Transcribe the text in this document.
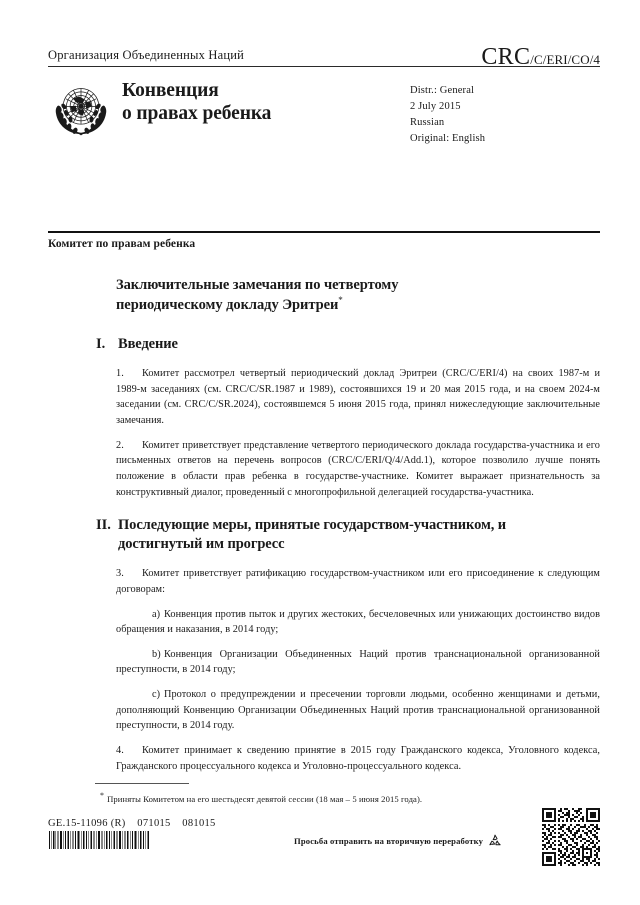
Организация Объединенных Наций	CRC/C/ERI/CO/4
Конвенция
о правах ребенка
Distr.: General
2 July 2015
Russian
Original: English
Комитет по правам ребенка
Заключительные замечания по четвертому
периодическому докладу Эритреи*
I. Введение
1. Комитет рассмотрел четвертый периодический доклад Эритреи (CRC/C/ERI/4) на своих 1987-м и 1989-м заседаниях (см. CRC/C/SR.1987 и 1989), состоявшихся 19 и 20 мая 2015 года, и на своем 2024-м заседании (см. CRC/C/SR.2024), состоявшемся 5 июня 2015 года, принял нижеследующие заключительные замечания.
2. Комитет приветствует представление четвертого периодического доклада государства-участника и его письменных ответов на перечень вопросов (CRC/C/ERI/Q/4/Add.1), которое позволило лучше понять положение в области прав ребенка в государстве-участнике. Комитет выражает признательность за конструктивный диалог, проведенный с многопрофильной делегацией государства-участника.
II. Последующие меры, принятые государством-участником, и достигнутый им прогресс
3. Комитет приветствует ратификацию государством-участником или его присоединение к следующим договорам:
a) Конвенция против пыток и других жестоких, бесчеловечных или унижающих достоинство видов обращения и наказания, в 2014 году;
b) Конвенция Организации Объединенных Наций против транснациональной организованной преступности, в 2014 году;
c) Протокол о предупреждении и пресечении торговли людьми, особенно женщинами и детьми, дополняющий Конвенцию Организации Объединенных Наций против транснациональной организованной преступности, в 2014 году.
4. Комитет принимает к сведению принятие в 2015 году Гражданского кодекса, Уголовного кодекса, Гражданского процессуального кодекса и Уголовно-процессуального кодекса.
* Приняты Комитетом на его шестьдесят девятой сессии (18 мая – 5 июня 2015 года).
GE.15-11096 (R)    071015    081015
Просьба отправить на вторичную переработку
